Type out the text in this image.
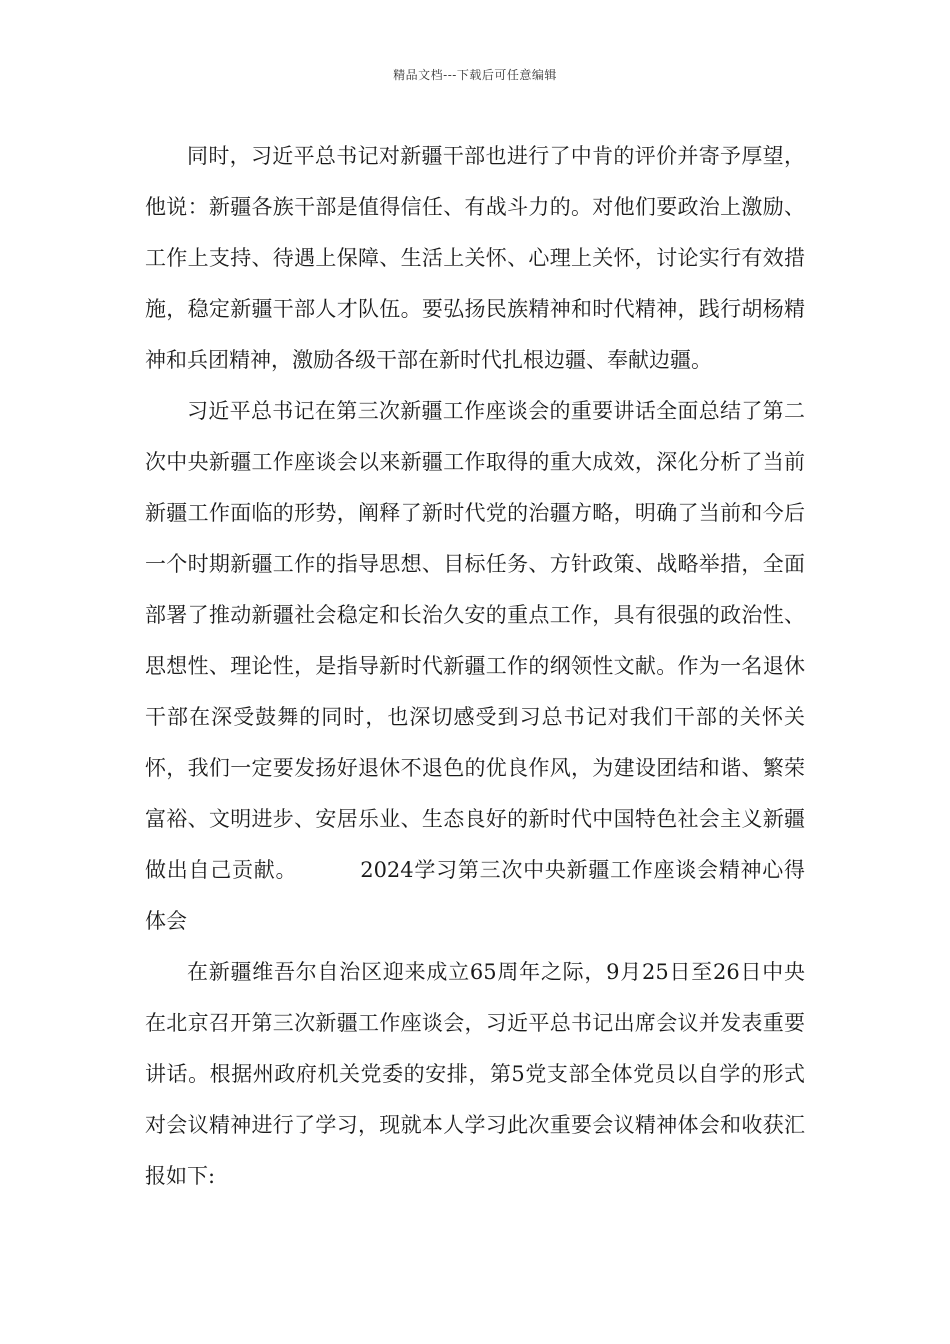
精品文档---下载后可任意编辑

同时，习近平总书记对新疆干部也进行了中肯的评价并寄予厚望，他说：新疆各族干部是值得信任、有战斗力的。对他们要政治上激励、工作上支持、待遇上保障、生活上关怀、心理上关怀，讨论实行有效措施，稳定新疆干部人才队伍。要弘扬民族精神和时代精神，践行胡杨精神和兵团精神，激励各级干部在新时代扎根边疆、奉献边疆。

习近平总书记在第三次新疆工作座谈会的重要讲话全面总结了第二次中央新疆工作座谈会以来新疆工作取得的重大成效，深化分析了当前新疆工作面临的形势，阐释了新时代党的治疆方略，明确了当前和今后一个时期新疆工作的指导思想、目标任务、方针政策、战略举措，全面部署了推动新疆社会稳定和长治久安的重点工作，具有很强的政治性、思想性、理论性，是指导新时代新疆工作的纲领性文献。作为一名退休干部在深受鼓舞的同时，也深切感受到习总书记对我们干部的关怀关怀，我们一定要发扬好退休不退色的优良作风，为建设团结和谐、繁荣富裕、文明进步、安居乐业、生态良好的新时代中国特色社会主义新疆做出自己贡献。   	2024学习第三次中央新疆工作座谈会精神心得体会

在新疆维吾尔自治区迎来成立65周年之际，9月25日至26日中央在北京召开第三次新疆工作座谈会，习近平总书记出席会议并发表重要讲话。根据州政府机关党委的安排，第5党支部全体党员以自学的形式对会议精神进行了学习，现就本人学习此次重要会议精神体会和收获汇报如下:
